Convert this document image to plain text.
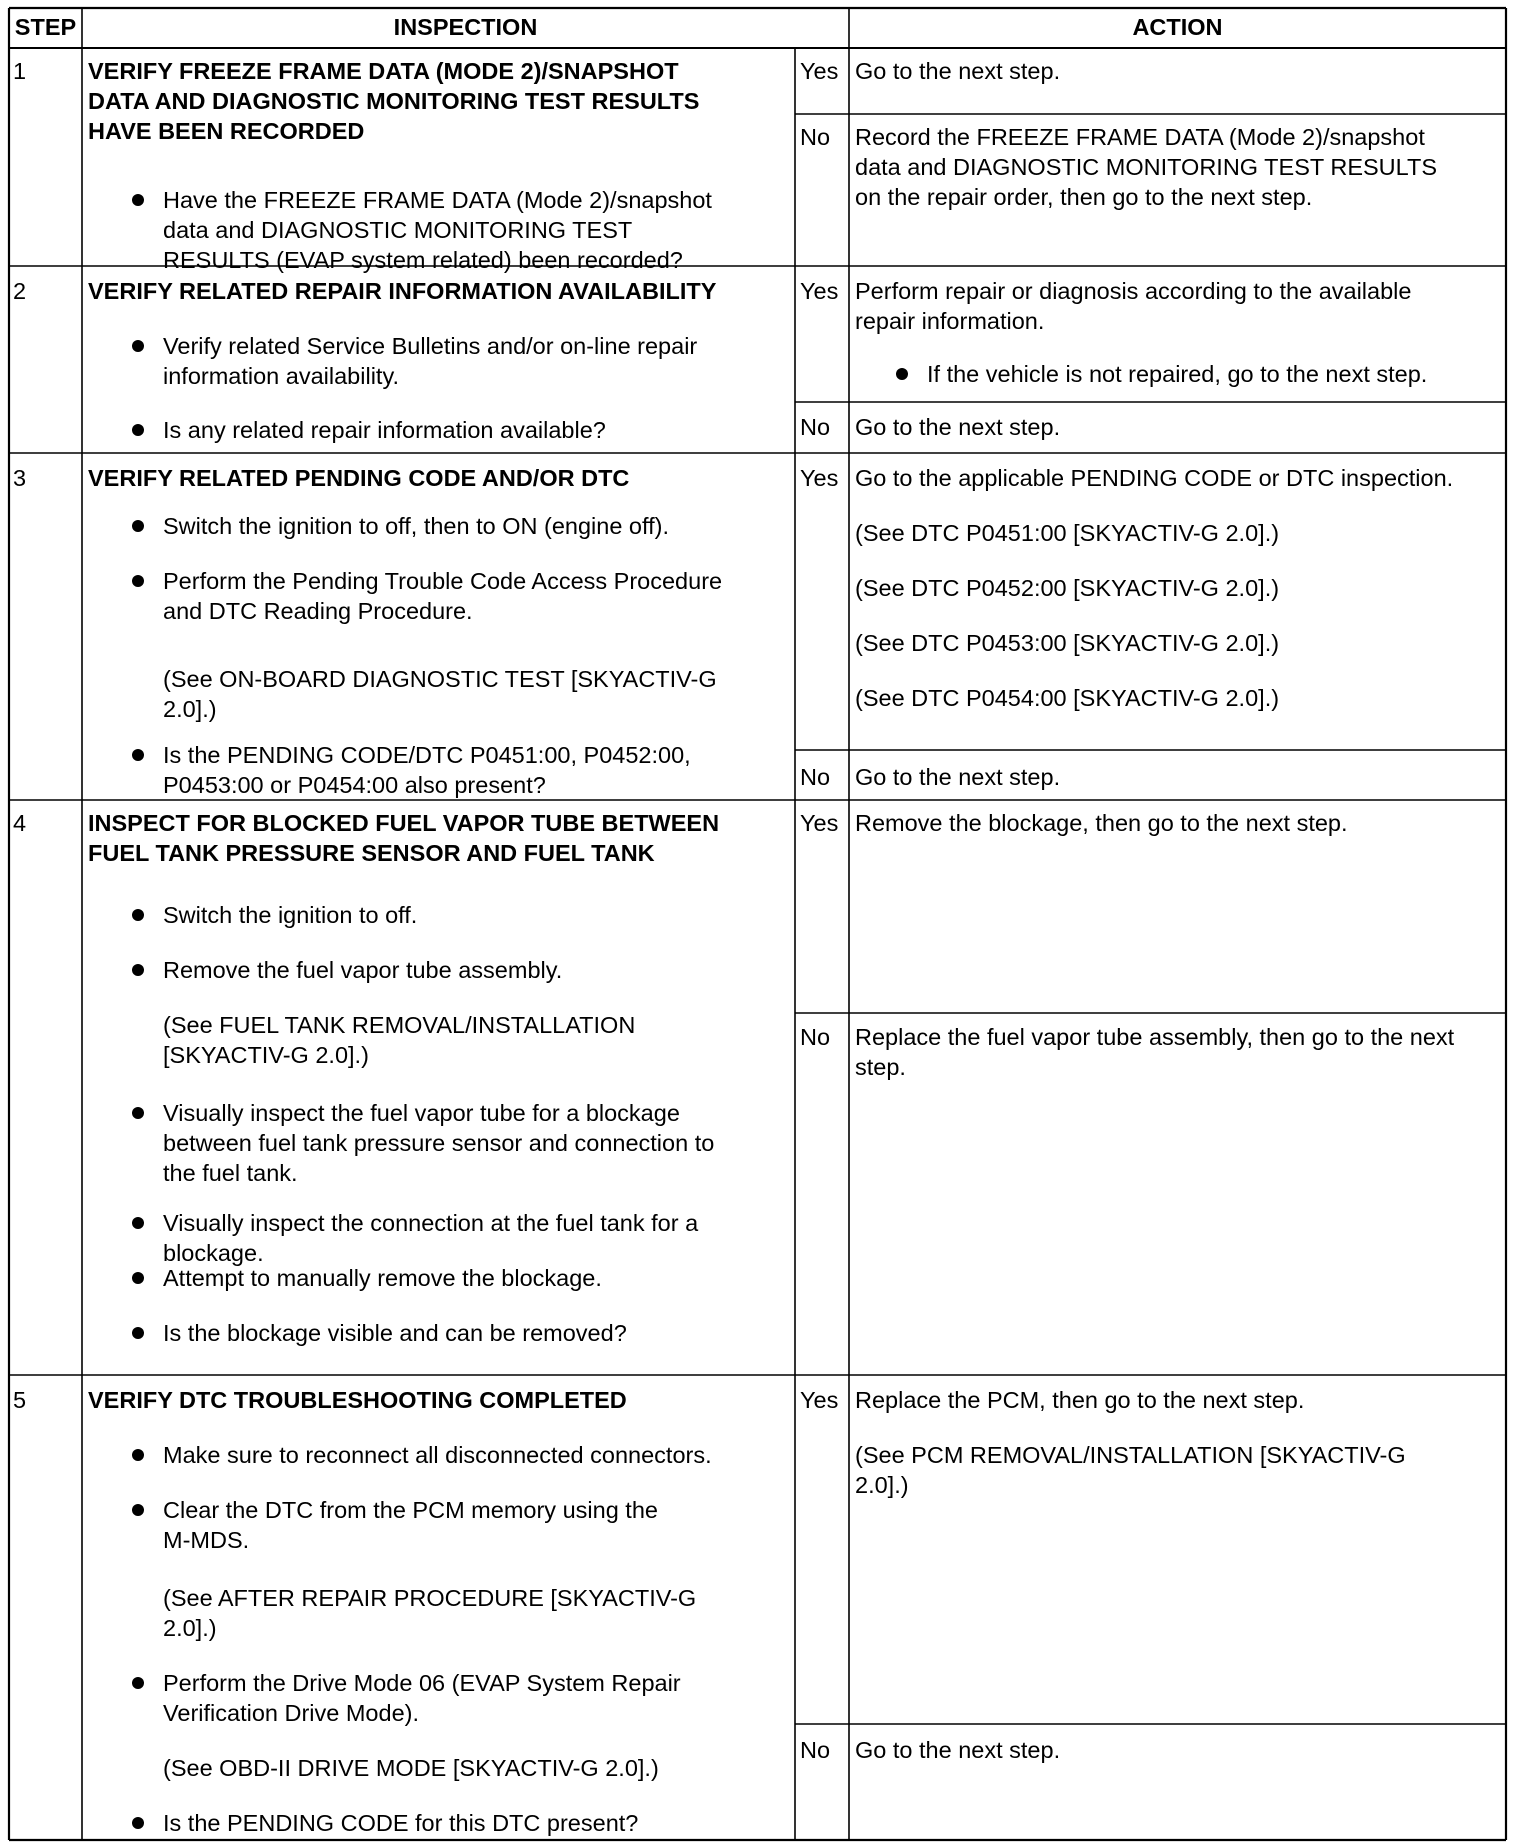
STEP	INSPECTION	ACTION
1	VERIFY FREEZE FRAME DATA (MODE 2)/SNAPSHOT
DATA AND DIAGNOSTIC MONITORING TEST RESULTS
HAVE BEEN RECORDED
Have the FREEZE FRAME DATA (Mode 2)/snapshot
data and DIAGNOSTIC MONITORING TEST
RESULTS (EVAP system related) been recorded?
Yes Go to the next step.
No Record the FREEZE FRAME DATA (Mode 2)/snapshot
data and DIAGNOSTIC MONITORING TEST RESULTS
on the repair order, then go to the next step.
2	VERIFY RELATED REPAIR INFORMATION AVAILABILITY
Verify related Service Bulletins and/or on-line repair
information availability.
Is any related repair information available?
Yes Perform repair or diagnosis according to the available
repair information.
If the vehicle is not repaired, go to the next step.
No Go to the next step.
3	VERIFY RELATED PENDING CODE AND/OR DTC
Switch the ignition to off, then to ON (engine off).
Perform the Pending Trouble Code Access Procedure
and DTC Reading Procedure.
(See ON-BOARD DIAGNOSTIC TEST [SKYACTIV-G
2.0].)
Is the PENDING CODE/DTC P0451:00, P0452:00,
P0453:00 or P0454:00 also present?
Yes Go to the applicable PENDING CODE or DTC inspection.
(See DTC P0451:00 [SKYACTIV-G 2.0].)
(See DTC P0452:00 [SKYACTIV-G 2.0].)
(See DTC P0453:00 [SKYACTIV-G 2.0].)
(See DTC P0454:00 [SKYACTIV-G 2.0].)
No Go to the next step.
4	INSPECT FOR BLOCKED FUEL VAPOR TUBE BETWEEN
FUEL TANK PRESSURE SENSOR AND FUEL TANK
Switch the ignition to off.
Remove the fuel vapor tube assembly.
(See FUEL TANK REMOVAL/INSTALLATION
[SKYACTIV-G 2.0].)
Visually inspect the fuel vapor tube for a blockage
between fuel tank pressure sensor and connection to
the fuel tank.
Visually inspect the connection at the fuel tank for a
blockage.
Attempt to manually remove the blockage.
Is the blockage visible and can be removed?
Yes Remove the blockage, then go to the next step.
No Replace the fuel vapor tube assembly, then go to the next
step.
5	VERIFY DTC TROUBLESHOOTING COMPLETED
Make sure to reconnect all disconnected connectors.
Clear the DTC from the PCM memory using the
M-MDS.
(See AFTER REPAIR PROCEDURE [SKYACTIV-G
2.0].)
Perform the Drive Mode 06 (EVAP System Repair
Verification Drive Mode).
(See OBD-II DRIVE MODE [SKYACTIV-G 2.0].)
Is the PENDING CODE for this DTC present?
Yes Replace the PCM, then go to the next step.
(See PCM REMOVAL/INSTALLATION [SKYACTIV-G
2.0].)
No Go to the next step.
